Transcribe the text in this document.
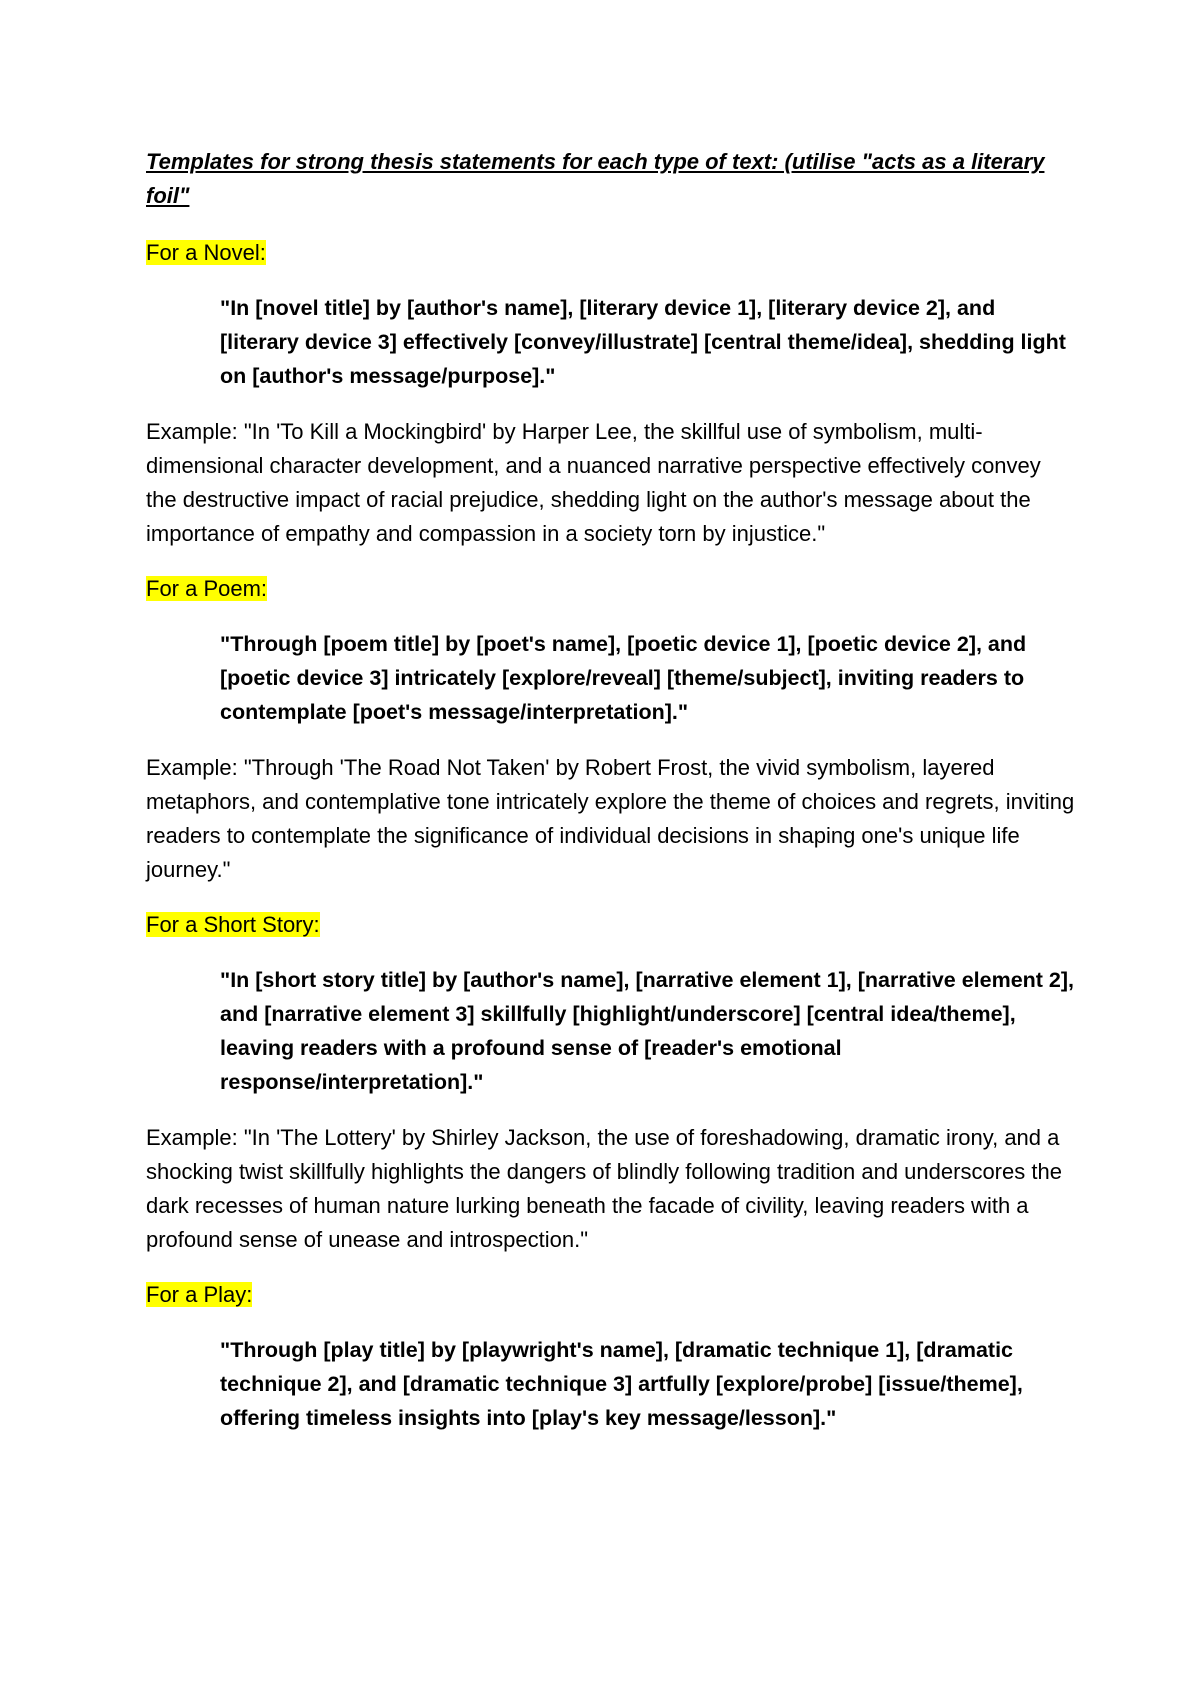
Templates for strong thesis statements for each type of text: (utilise "acts as a literary foil"

For a Novel:

"In [novel title] by [author's name], [literary device 1], [literary device 2], and [literary device 3] effectively [convey/illustrate] [central theme/idea], shedding light on [author's message/purpose]."

Example: "In 'To Kill a Mockingbird' by Harper Lee, the skillful use of symbolism, multi-dimensional character development, and a nuanced narrative perspective effectively convey the destructive impact of racial prejudice, shedding light on the author's message about the importance of empathy and compassion in a society torn by injustice."

For a Poem:

"Through [poem title] by [poet's name], [poetic device 1], [poetic device 2], and [poetic device 3] intricately [explore/reveal] [theme/subject], inviting readers to contemplate [poet's message/interpretation]."

Example: "Through 'The Road Not Taken' by Robert Frost, the vivid symbolism, layered metaphors, and contemplative tone intricately explore the theme of choices and regrets, inviting readers to contemplate the significance of individual decisions in shaping one's unique life journey."

For a Short Story:

"In [short story title] by [author's name], [narrative element 1], [narrative element 2], and [narrative element 3] skillfully [highlight/underscore] [central idea/theme], leaving readers with a profound sense of [reader's emotional response/interpretation]."

Example: "In 'The Lottery' by Shirley Jackson, the use of foreshadowing, dramatic irony, and a shocking twist skillfully highlights the dangers of blindly following tradition and underscores the dark recesses of human nature lurking beneath the facade of civility, leaving readers with a profound sense of unease and introspection."

For a Play:

"Through [play title] by [playwright's name], [dramatic technique 1], [dramatic technique 2], and [dramatic technique 3] artfully [explore/probe] [issue/theme], offering timeless insights into [play's key message/lesson]."
